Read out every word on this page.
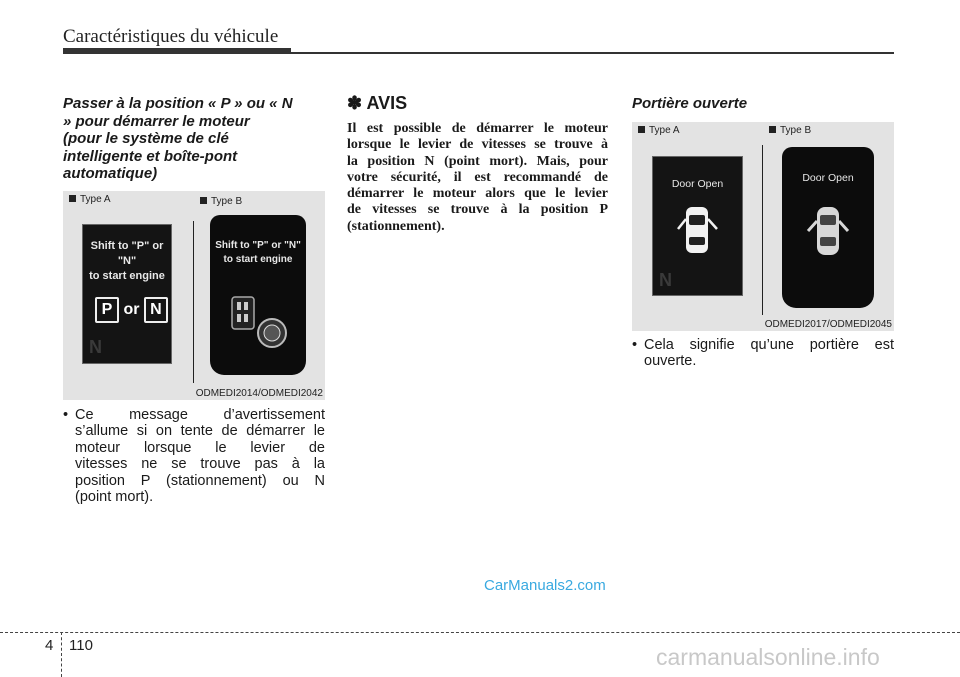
Caractéristiques du véhicule
Passer à la position « P » ou « N
» pour démarrer le moteur
(pour le système de clé
intelligente et boîte-pont
automatique)
Type A	Type B
Shift to "P" or "N"
to start engine
P or N
N
Shift to "P" or "N"
to start engine
ODMEDI2014/ODMEDI2042
• Ce message d’avertissement
s’allume si on tente de démarrer le
moteur lorsque le levier de
vitesses ne se trouve pas à la
position P (stationnement) ou N
(point mort).
✽ AVIS
Il est possible de démarrer le moteur
lorsque le levier de vitesses se trouve à
la position N (point mort). Mais, pour
votre sécurité, il est recommandé de
démarrer le moteur alors que le levier
de vitesses se trouve à la position P
(stationnement).
Portière ouverte
Type A	Type B
Door Open
N
Door Open
ODMEDI2017/ODMEDI2045
• Cela signifie qu’une portière est
ouverte.
CarManuals2.com
carmanualsonline.info
4 110
